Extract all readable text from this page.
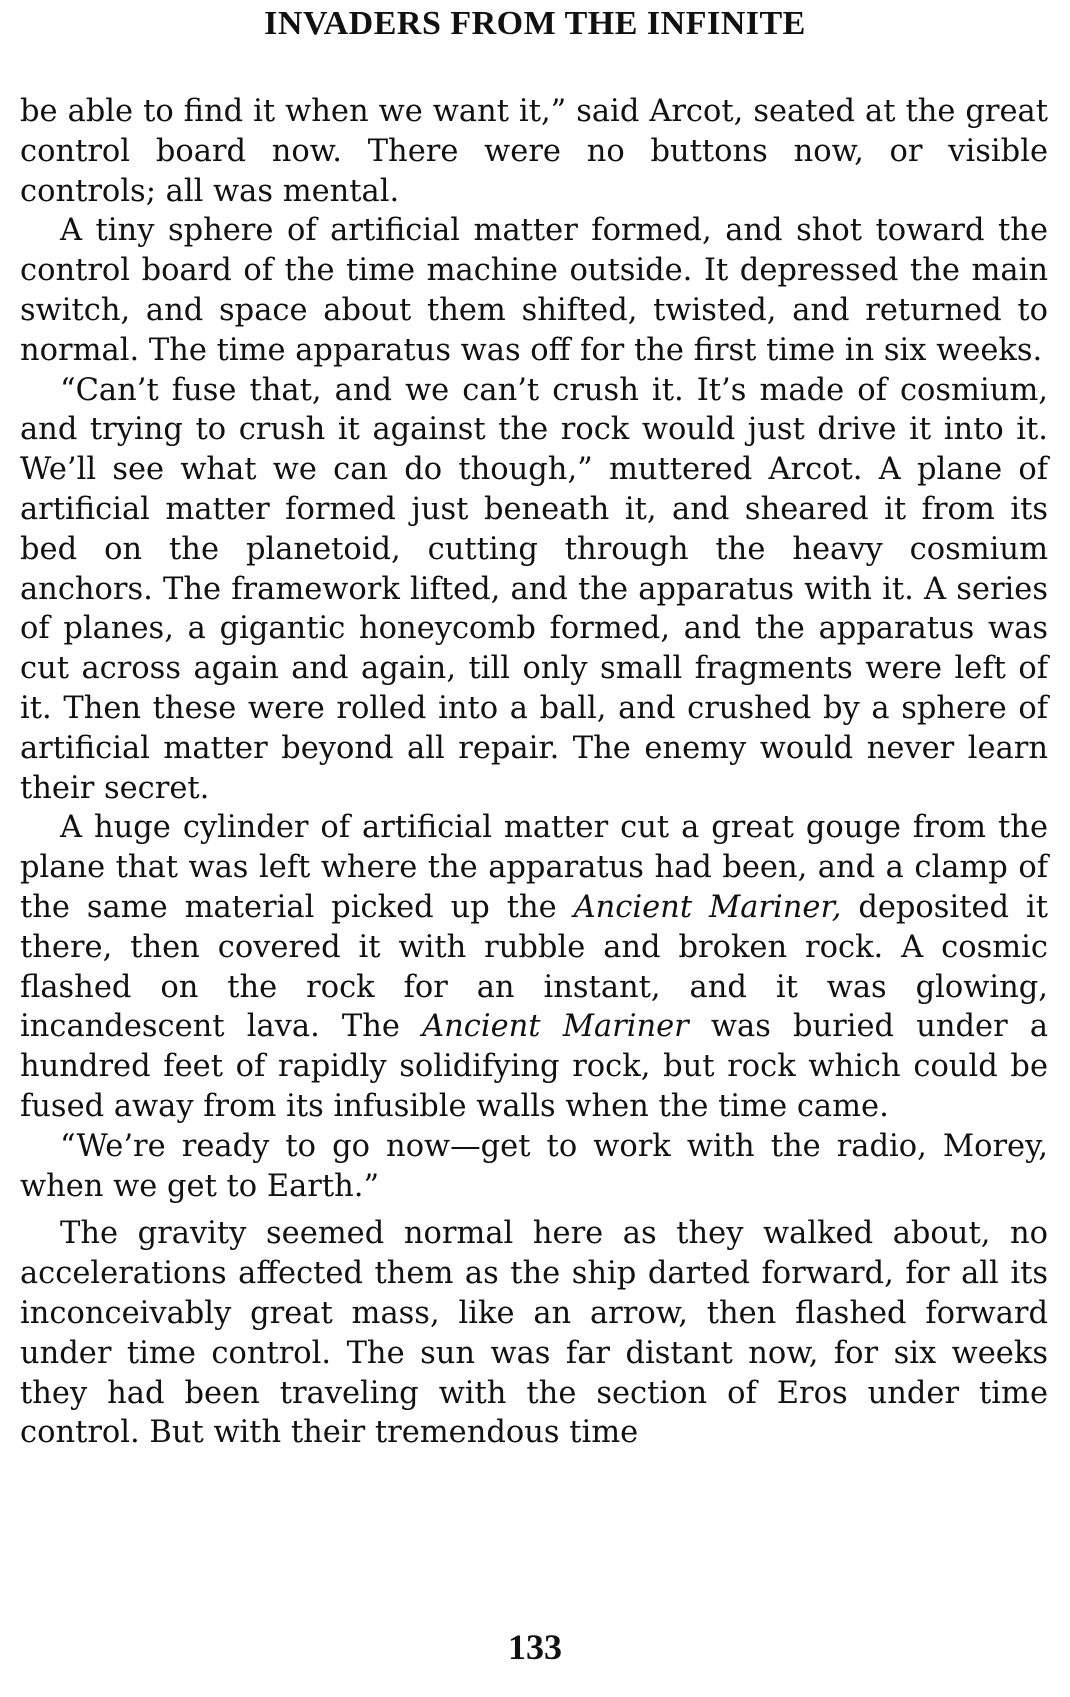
INVADERS FROM THE INFINITE

be able to find it when we want it,” said Arcot, seated at the great control board now. There were no buttons now, or visible controls; all was mental.

A tiny sphere of artificial matter formed, and shot toward the control board of the time machine outside. It depressed the main switch, and space about them shifted, twisted, and returned to normal. The time apparatus was off for the first time in six weeks.

“Can’t fuse that, and we can’t crush it. It’s made of cosmium, and trying to crush it against the rock would just drive it into it. We’ll see what we can do though,” muttered Arcot. A plane of artificial matter formed just beneath it, and sheared it from its bed on the planetoid, cutting through the heavy cosmium anchors. The framework lifted, and the apparatus with it. A series of planes, a gigantic honeycomb formed, and the apparatus was cut across again and again, till only small fragments were left of it. Then these were rolled into a ball, and crushed by a sphere of artificial matter beyond all repair. The enemy would never learn their secret.

A huge cylinder of artificial matter cut a great gouge from the plane that was left where the apparatus had been, and a clamp of the same material picked up the Ancient Mariner, deposited it there, then covered it with rubble and broken rock. A cosmic flashed on the rock for an instant, and it was glowing, incandescent lava. The Ancient Mariner was buried under a hundred feet of rapidly solidifying rock, but rock which could be fused away from its infusible walls when the time came.

“We’re ready to go now—get to work with the radio, Morey, when we get to Earth.”

The gravity seemed normal here as they walked about, no accelerations affected them as the ship darted forward, for all its inconceivably great mass, like an arrow, then flashed forward under time control. The sun was far distant now, for six weeks they had been traveling with the section of Eros under time control. But with their tremendous time

133
